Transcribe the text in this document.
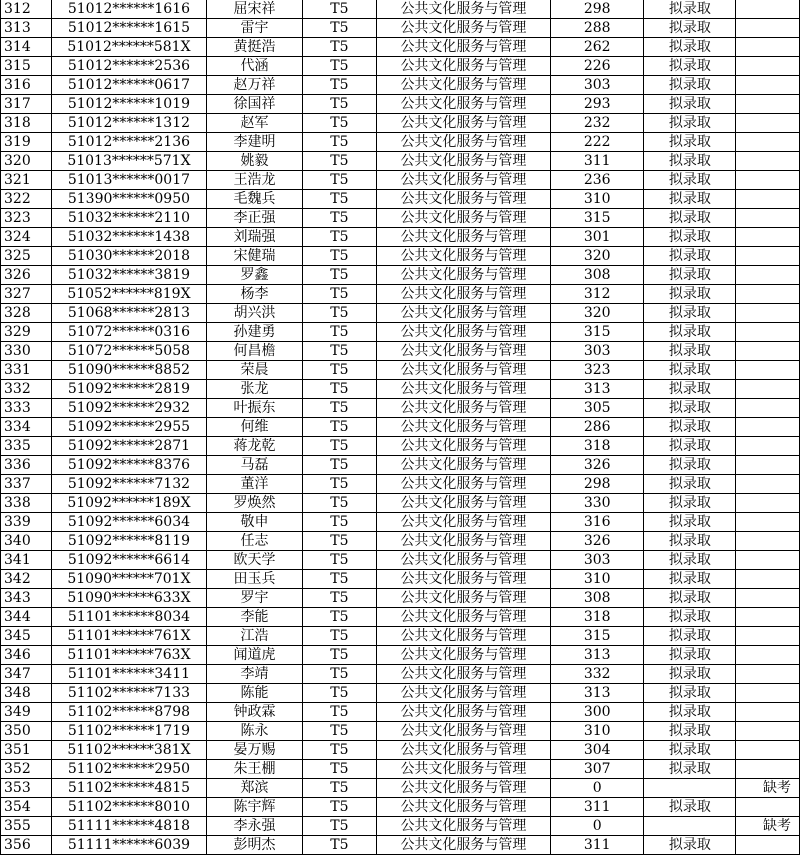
312	51012******1616	屈宋祥	T5	公共文化服务与管理	298	拟录取	
313	51012******1615	雷宇	T5	公共文化服务与管理	288	拟录取	
314	51012******581X	黄挺浩	T5	公共文化服务与管理	262	拟录取	
315	51012******2536	代涵	T5	公共文化服务与管理	226	拟录取	
316	51012******0617	赵万祥	T5	公共文化服务与管理	303	拟录取	
317	51012******1019	徐国祥	T5	公共文化服务与管理	293	拟录取	
318	51012******1312	赵军	T5	公共文化服务与管理	232	拟录取	
319	51012******2136	李建明	T5	公共文化服务与管理	222	拟录取	
320	51013******571X	姚毅	T5	公共文化服务与管理	311	拟录取	
321	51013******0017	王浩龙	T5	公共文化服务与管理	236	拟录取	
322	51390******0950	毛魏兵	T5	公共文化服务与管理	310	拟录取	
323	51032******2110	李正强	T5	公共文化服务与管理	315	拟录取	
324	51032******1438	刘瑞强	T5	公共文化服务与管理	301	拟录取	
325	51030******2018	宋健瑞	T5	公共文化服务与管理	320	拟录取	
326	51032******3819	罗鑫	T5	公共文化服务与管理	308	拟录取	
327	51052******819X	杨李	T5	公共文化服务与管理	312	拟录取	
328	51068******2813	胡兴洪	T5	公共文化服务与管理	320	拟录取	
329	51072******0316	孙建勇	T5	公共文化服务与管理	315	拟录取	
330	51072******5058	何昌檐	T5	公共文化服务与管理	303	拟录取	
331	51090******8852	荣晨	T5	公共文化服务与管理	323	拟录取	
332	51092******2819	张龙	T5	公共文化服务与管理	313	拟录取	
333	51092******2932	叶振东	T5	公共文化服务与管理	305	拟录取	
334	51092******2955	何维	T5	公共文化服务与管理	286	拟录取	
335	51092******2871	蒋龙乾	T5	公共文化服务与管理	318	拟录取	
336	51092******8376	马磊	T5	公共文化服务与管理	326	拟录取	
337	51092******7132	董洋	T5	公共文化服务与管理	298	拟录取	
338	51092******189X	罗焕然	T5	公共文化服务与管理	330	拟录取	
339	51092******6034	敬申	T5	公共文化服务与管理	316	拟录取	
340	51092******8119	任志	T5	公共文化服务与管理	326	拟录取	
341	51092******6614	欧天学	T5	公共文化服务与管理	303	拟录取	
342	51090******701X	田玉兵	T5	公共文化服务与管理	310	拟录取	
343	51090******633X	罗宇	T5	公共文化服务与管理	308	拟录取	
344	51101******8034	李能	T5	公共文化服务与管理	318	拟录取	
345	51101******761X	江浩	T5	公共文化服务与管理	315	拟录取	
346	51101******763X	闻道虎	T5	公共文化服务与管理	313	拟录取	
347	51101******3411	李靖	T5	公共文化服务与管理	332	拟录取	
348	51102******7133	陈能	T5	公共文化服务与管理	313	拟录取	
349	51102******8798	钟政霖	T5	公共文化服务与管理	300	拟录取	
350	51102******1719	陈永	T5	公共文化服务与管理	310	拟录取	
351	51102******381X	晏万赐	T5	公共文化服务与管理	304	拟录取	
352	51102******2950	朱王棚	T5	公共文化服务与管理	307	拟录取	
353	51102******4815	郑滨	T5	公共文化服务与管理	0		缺考
354	51102******8010	陈宇辉	T5	公共文化服务与管理	311	拟录取	
355	51111******4818	李永强	T5	公共文化服务与管理	0		缺考
356	51111******6039	彭明杰	T5	公共文化服务与管理	311	拟录取	
